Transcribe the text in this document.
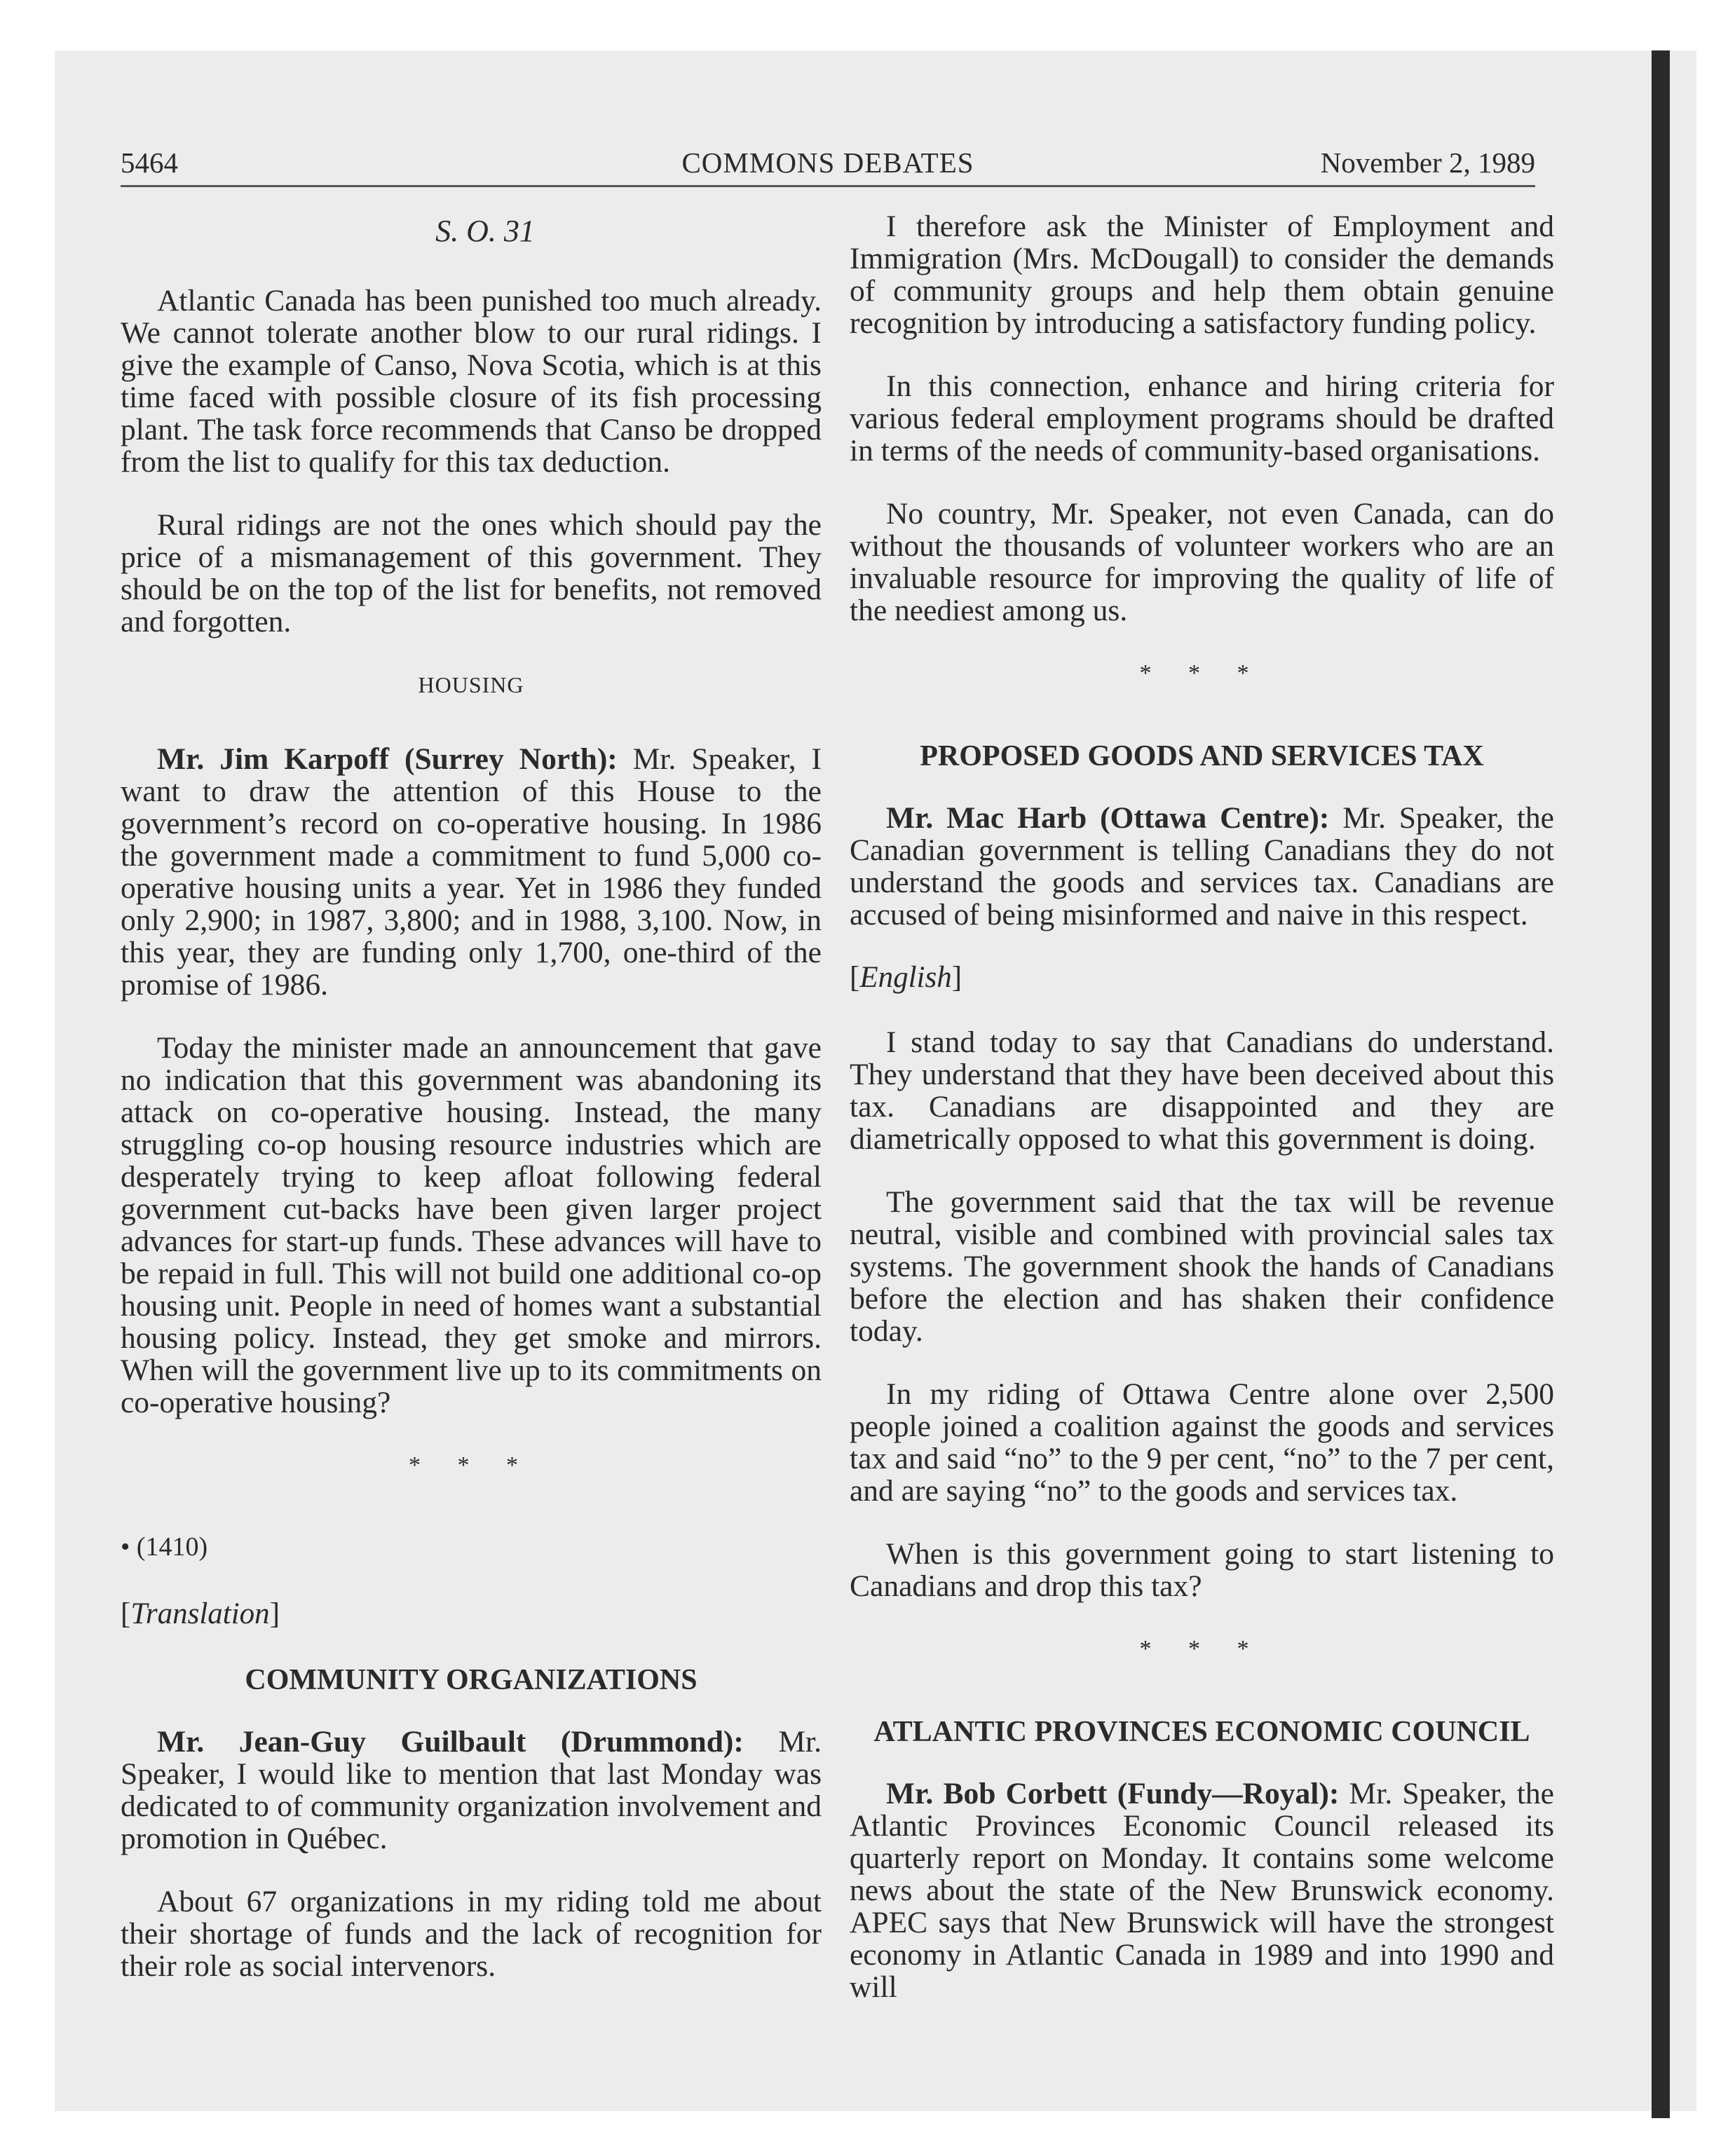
5464	COMMONS DEBATES	November 2, 1989
S. O. 31

Atlantic Canada has been punished too much already. We cannot tolerate another blow to our rural ridings. I give the example of Canso, Nova Scotia, which is at this time faced with possible closure of its fish processing plant. The task force recommends that Canso be dropped from the list to qualify for this tax deduction.

Rural ridings are not the ones which should pay the price of a mismanagement of this government. They should be on the top of the list for benefits, not removed and forgotten.

HOUSING

Mr. Jim Karpoff (Surrey North): Mr. Speaker, I want to draw the attention of this House to the government’s record on co-operative housing. In 1986 the government made a commitment to fund 5,000 co-operative housing units a year. Yet in 1986 they funded only 2,900; in 1987, 3,800; and in 1988, 3,100. Now, in this year, they are funding only 1,700, one-third of the promise of 1986.

Today the minister made an announcement that gave no indication that this government was abandoning its attack on co-operative housing. Instead, the many struggling co-op housing resource industries which are desperately trying to keep afloat following federal government cut-backs have been given larger project advances for start-up funds. These advances will have to be repaid in full. This will not build one additional co-op housing unit. People in need of homes want a substantial housing policy. Instead, they get smoke and mirrors. When will the government live up to its commitments on co-operative housing?

* * *
• (1410)
[Translation]
COMMUNITY ORGANIZATIONS

Mr. Jean-Guy Guilbault (Drummond): Mr. Speaker, I would like to mention that last Monday was dedicated to of community organization involvement and promotion in Québec.

About 67 organizations in my riding told me about their shortage of funds and the lack of recognition for their role as social intervenors.

I therefore ask the Minister of Employment and Immigration (Mrs. McDougall) to consider the demands of community groups and help them obtain genuine recognition by introducing a satisfactory funding policy.

In this connection, enhance and hiring criteria for various federal employment programs should be drafted in terms of the needs of community-based organisations.

No country, Mr. Speaker, not even Canada, can do without the thousands of volunteer workers who are an invaluable resource for improving the quality of life of the neediest among us.

* * *
PROPOSED GOODS AND SERVICES TAX

Mr. Mac Harb (Ottawa Centre): Mr. Speaker, the Canadian government is telling Canadians they do not understand the goods and services tax. Canadians are accused of being misinformed and naive in this respect.

[English]

I stand today to say that Canadians do understand. They understand that they have been deceived about this tax. Canadians are disappointed and they are diametrically opposed to what this government is doing.

The government said that the tax will be revenue neutral, visible and combined with provincial sales tax systems. The government shook the hands of Canadians before the election and has shaken their confidence today.

In my riding of Ottawa Centre alone over 2,500 people joined a coalition against the goods and services tax and said “no” to the 9 per cent, “no” to the 7 per cent, and are saying “no” to the goods and services tax.

When is this government going to start listening to Canadians and drop this tax?

* * *
ATLANTIC PROVINCES ECONOMIC COUNCIL

Mr. Bob Corbett (Fundy—Royal): Mr. Speaker, the Atlantic Provinces Economic Council released its quarterly report on Monday. It contains some welcome news about the state of the New Brunswick economy. APEC says that New Brunswick will have the strongest economy in Atlantic Canada in 1989 and into 1990 and will
